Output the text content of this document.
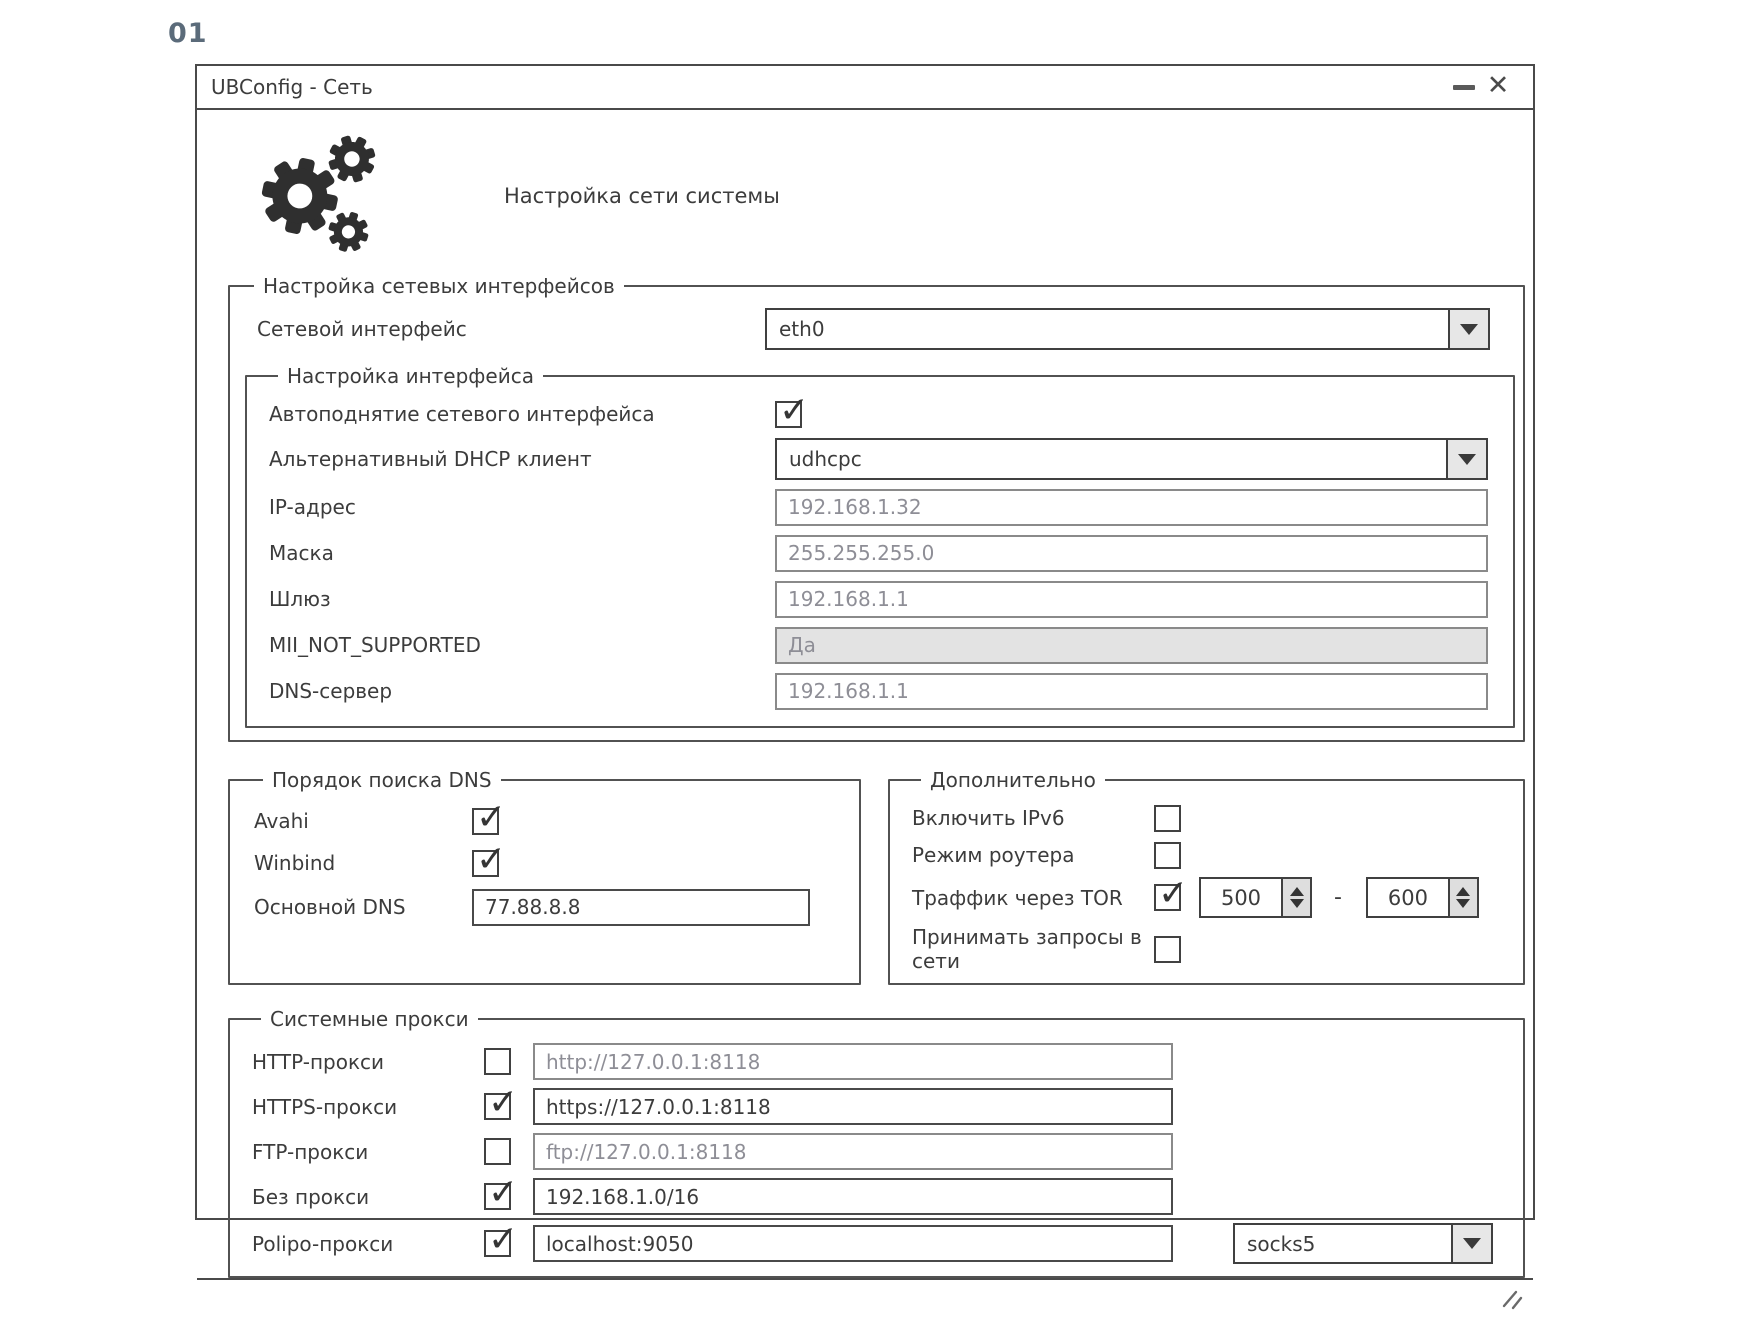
01
UBConfig - Сеть	✕
Настройка сети системы
Настройка сетевых интерфейсов
Сетевой интерфейс	eth0
Настройка интерфейса
Автоподнятие сетевого интерфейса
✓
Альтернативный DHCP клиент	udhcpc
IP-адрес
192.168.1.32
Маска
255.255.255.0
Шлюз
192.168.1.1
MII_NOT_SUPPORTED
Да
DNS-сервер
192.168.1.1
Порядок поиска DNS
Avahi
✓
Winbind
✓
Основной DNS
77.88.8.8
Дополнительно
Включить IPv6
Режим роутера
Траффик через TOR ✓	500	-	600
Принимать запросы в сети
Системные прокси
HTTP-прокси
http://127.0.0.1:8118
HTTPS-прокси
✓
https://127.0.0.1:8118
FTP-прокси
ftp://127.0.0.1:8118
Без прокси
✓
192.168.1.0/16
Polipo-прокси ✓
localhost:9050	socks5
